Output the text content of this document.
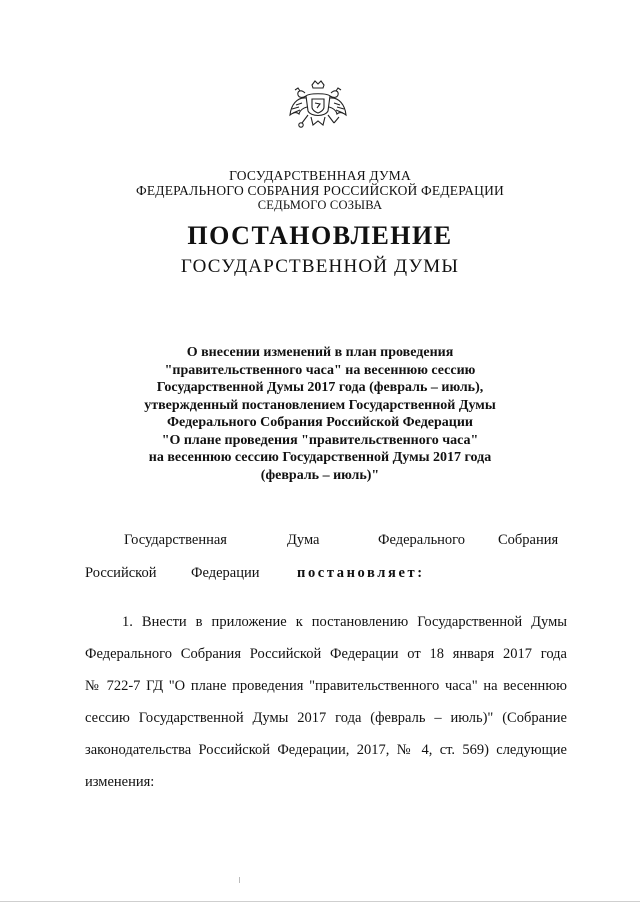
ГОСУДАРСТВЕННАЯ ДУМА
ФЕДЕРАЛЬНОГО СОБРАНИЯ РОССИЙСКОЙ ФЕДЕРАЦИИ
СЕДЬМОГО СОЗЫВА
ПОСТАНОВЛЕНИЕ
ГОСУДАРСТВЕННОЙ ДУМЫ
О внесении изменений в план проведения
"правительственного часа" на весеннюю сессию
Государственной Думы 2017 года (февраль – июль),
утвержденный постановлением Государственной Думы
Федерального Собрания Российской Федерации
"О плане проведения "правительственного часа"
на весеннюю сессию Государственной Думы 2017 года
(февраль – июль)"
Государственная	Дума	Федерального Собрания
Российской Федерации	постановляет:
1. Внести в приложение к постановлению Государственной Думы
Федерального Собрания Российской Федерации от 18 января 2017 года
№ 722-7 ГД "О плане проведения "правительственного часа" на весеннюю
сессию Государственной Думы 2017 года (февраль – июль)" (Собрание
законодательства Российской Федерации, 2017, № 4, ст. 569) следующие
изменения:
